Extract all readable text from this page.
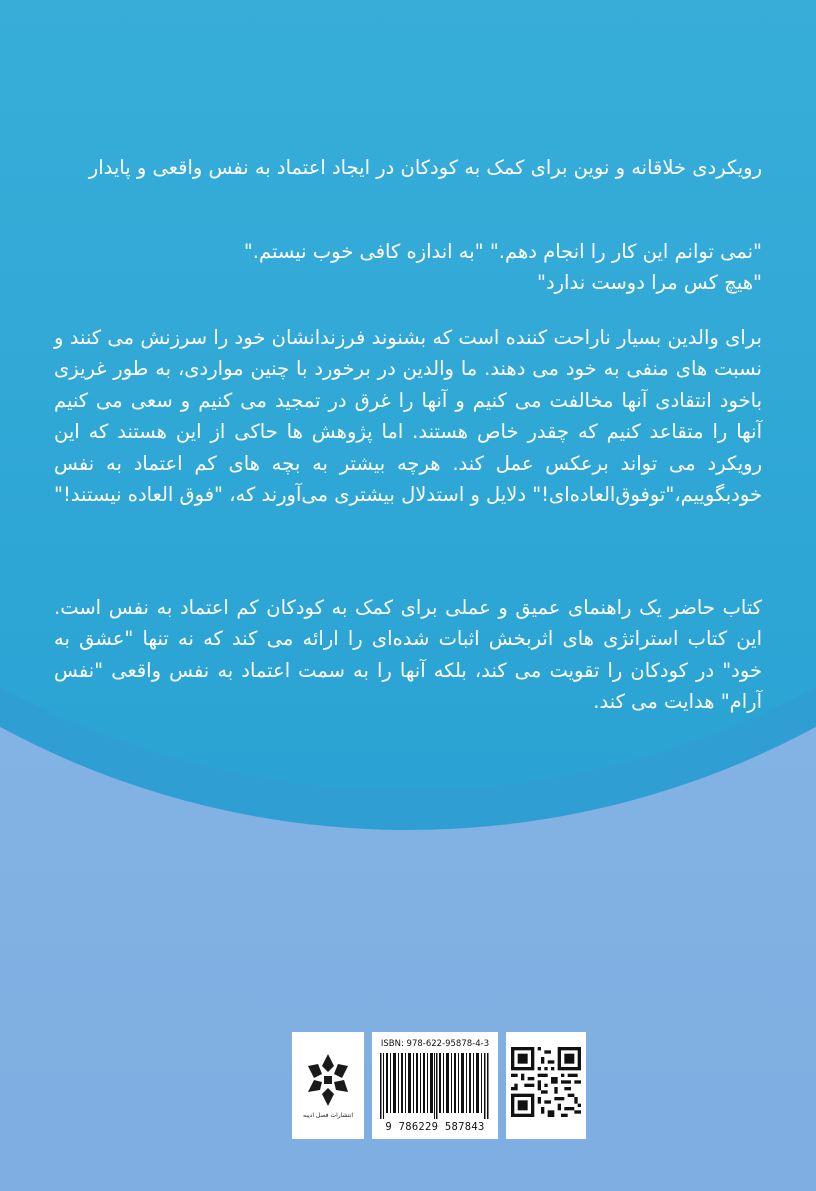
رویکردی خلاقانه و نوین برای کمک به کودکان در ایجاد اعتماد به نفس واقعی و پایدار

"نمی توانم این کار را انجام دهم." "به اندازه کافی خوب نیستم."

"هیچ کس مرا دوست ندارد"

برای والدین بسیار ناراحت کننده است که بشنوند فرزندانشان خود را سرزنش می کنند و نسبت های منفی به خود می دهند. ما والدین در برخورد با چنین مواردی، به طور غریزی باخود انتقادی آنها مخالفت می کنیم و آنها را غرق در تمجید می کنیم و سعی می کنیم آنها را متقاعد کنیم که چقدر خاص هستند. اما پژوهش ها حاکی از این هستند که این رویکرد می تواند برعکس عمل کند. هرچه بیشتر به بچه های کم اعتماد به نفس خودبگوییم،"توفوق‌العاده‌ای!" دلایل و استدلال بیشتری می‌آورند که، "فوق العاده نیستند!"

کتاب حاضر یک راهنمای عمیق و عملی برای کمک به کودکان کم اعتماد به نفس است. این کتاب استراتژی های اثربخش اثبات شده‌ای را ارائه می کند که نه تنها "عشق به خود" در کودکان را تقویت می کند، بلکه آنها را به سمت اعتماد به نفس واقعی "نفس آرام" هدایت می کند.

انتشارات فصل ادیبه
ISBN: 978-622-95878-4-3
9 786229 587843
